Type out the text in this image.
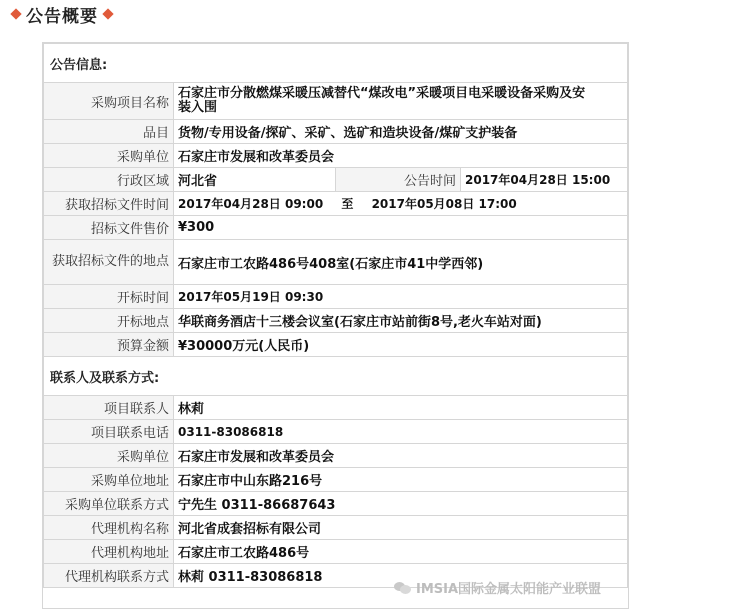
公告概要
公告信息:			
采购项目名称	石家庄市分散燃煤采暖压减替代“煤改电”采暖项目电采暖设备采购及安装入围		
品目	货物/专用设备/探矿、采矿、选矿和造块设备/煤矿支护装备		
采购单位	石家庄市发展和改革委员会		
行政区域	河北省	公告时间	2017年04月28日 15:00
获取招标文件时间	2017年04月28日 09:00 至 2017年05月08日 17:00		
招标文件售价	¥300		
获取招标文件的地点	石家庄市工农路486号408室(石家庄市41中学西邻)		
开标时间	2017年05月19日 09:30		
开标地点	华联商务酒店十三楼会议室(石家庄市站前街8号,老火车站对面)		
预算金额	¥30000万元(人民币)		
联系人及联系方式:			
项目联系人	林莉		
项目联系电话	0311-83086818		
采购单位	石家庄市发展和改革委员会		
采购单位地址	石家庄市中山东路216号		
采购单位联系方式	宁先生 0311-86687643		
代理机构名称	河北省成套招标有限公司		
代理机构地址	石家庄市工农路486号		
代理机构联系方式	林莉 0311-83086818		
IMSIA国际金属太阳能产业联盟
